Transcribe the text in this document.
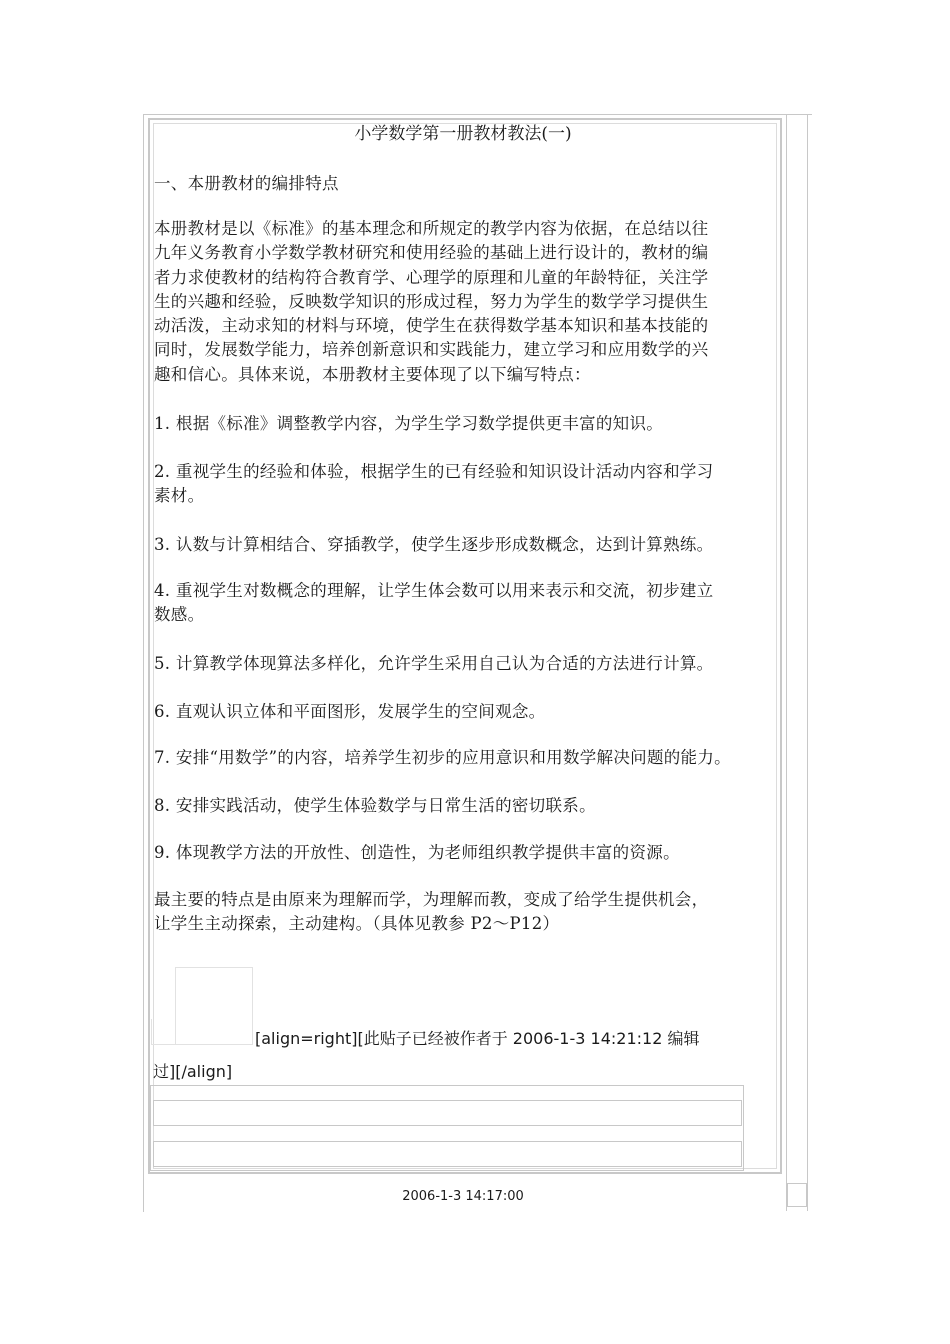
小学数学第一册教材教法(一)
一、本册教材的编排特点
本册教材是以《标准》的基本理念和所规定的教学内容为依据，在总结以往
九年义务教育小学数学教材研究和使用经验的基础上进行设计的，教材的编
者力求使教材的结构符合教育学、心理学的原理和儿童的年龄特征，关注学
生的兴趣和经验，反映数学知识的形成过程，努力为学生的数学学习提供生
动活泼，主动求知的材料与环境，使学生在获得数学基本知识和基本技能的
同时，发展数学能力，培养创新意识和实践能力，建立学习和应用数学的兴
趣和信心。具体来说，本册教材主要体现了以下编写特点：
1. 根据《标准》调整教学内容，为学生学习数学提供更丰富的知识。
2. 重视学生的经验和体验，根据学生的已有经验和知识设计活动内容和学习
素材。
3. 认数与计算相结合、穿插教学，使学生逐步形成数概念，达到计算熟练。
4. 重视学生对数概念的理解，让学生体会数可以用来表示和交流，初步建立
数感。
5. 计算教学体现算法多样化，允许学生采用自己认为合适的方法进行计算。
6. 直观认识立体和平面图形，发展学生的空间观念。
7. 安排“用数学”的内容，培养学生初步的应用意识和用数学解决问题的能力。
8. 安排实践活动，使学生体验数学与日常生活的密切联系。
9. 体现教学方法的开放性、创造性，为老师组织教学提供丰富的资源。
最主要的特点是由原来为理解而学，为理解而教，变成了给学生提供机会，
让学生主动探索，主动建构。（具体见教参 P2～P12）
[align=right][此贴子已经被作者于 2006-1-3 14:21:12 编辑
过][/align]
2006-1-3 14:17:00
